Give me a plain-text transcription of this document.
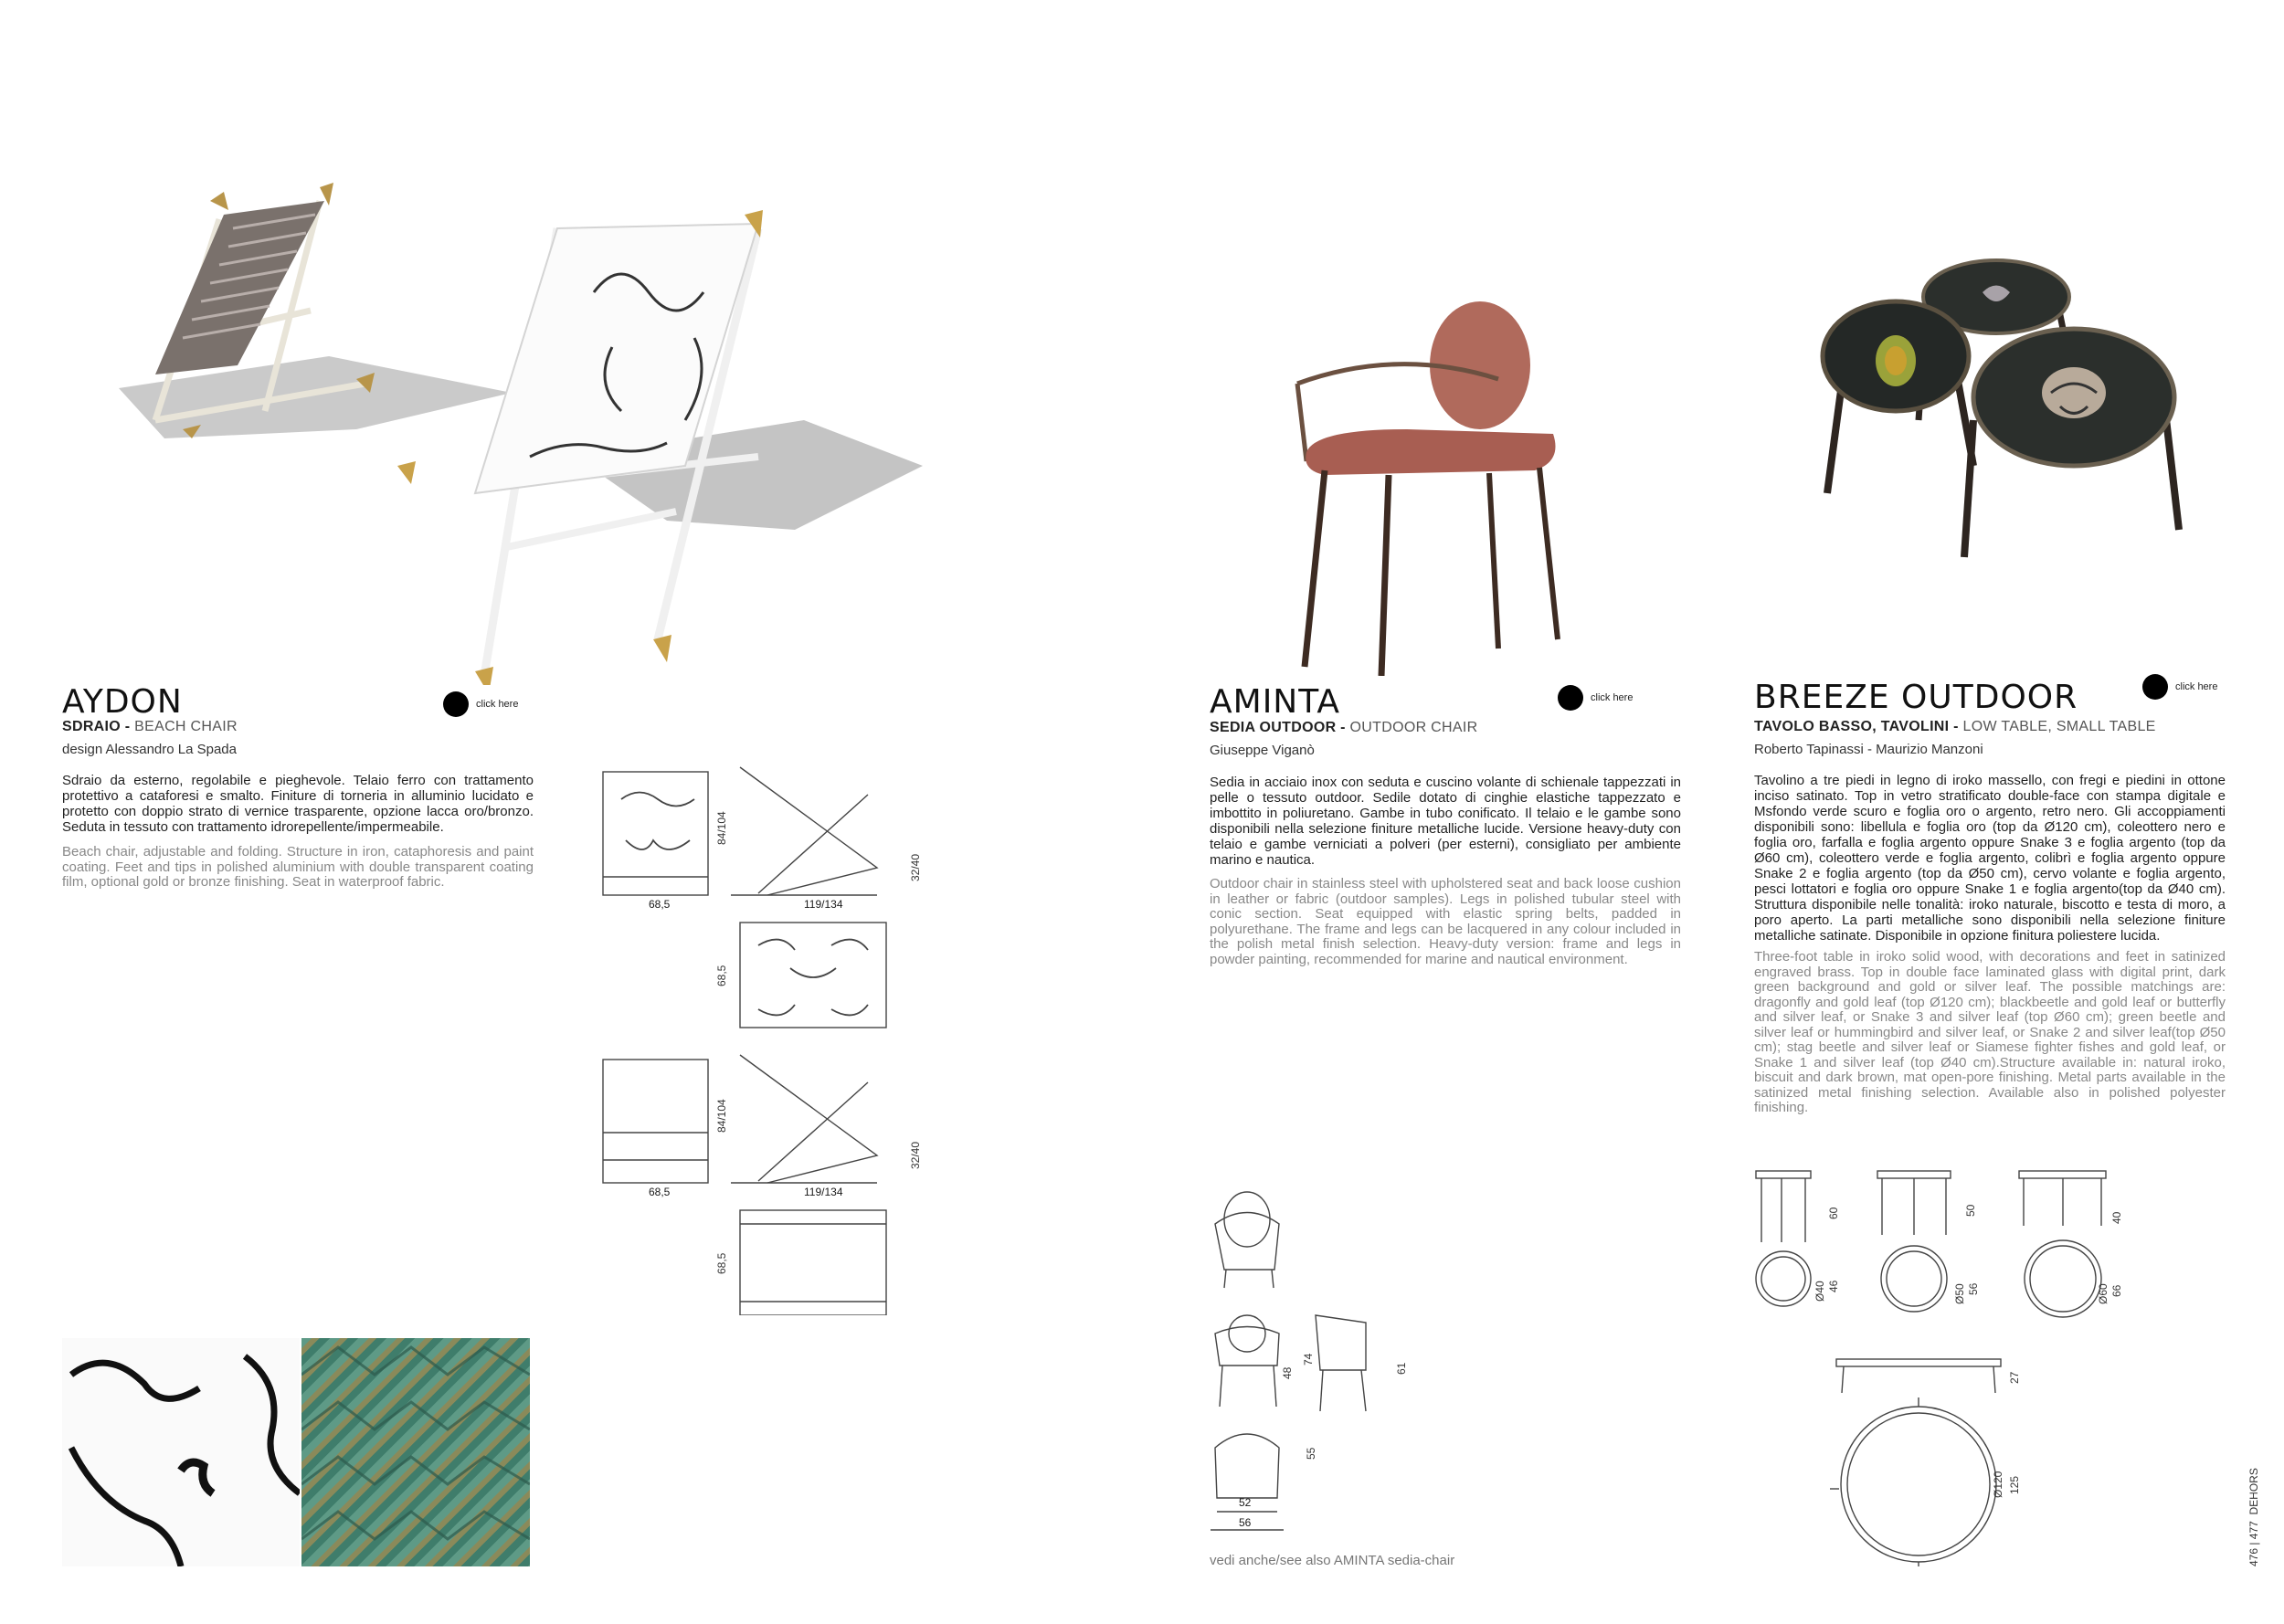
AYDON	click here
SDRAIO - BEACH CHAIR
design Alessandro La Spada

Sdraio da esterno, regolabile e pieghevole. Telaio ferro con trattamento protettivo a cataforesi e smalto. Finiture di torneria in alluminio lucidato e protetto con doppio strato di vernice trasparente, opzione lacca oro/bronzo. Seduta in tessuto con trattamento idrorepellente/impermeabile.

Beach chair, adjustable and folding. Structure in iron, cataphoresis and paint coating. Feet and tips in polished aluminium with double transparent coating film, optional gold or bronze finishing. Seat in waterproof fabric.

68,5
84/104
119/134
32/40
68,5
68,5
84/104
119/134
32/40
68,5
AMINTA	click here
SEDIA OUTDOOR - OUTDOOR CHAIR
Giuseppe Viganò

Sedia in acciaio inox con seduta e cuscino volante di schienale tappezzati in pelle o tessuto outdoor. Sedile dotato di cinghie elastiche tappezzato e imbottito in poliuretano. Gambe in tubo conificato. Il telaio e le gambe sono disponibili nella selezione finiture metalliche lucide. Versione heavy-duty con telaio e gambe verniciati a polveri (per esterni), consigliato per ambiente marino e nautica.

Outdoor chair in stainless steel with upholstered seat and back loose cushion in leather or fabric (outdoor samples). Legs in polished tubular steel with conic section. Seat equipped with elastic spring belts, padded in polyurethane. The frame and legs can be lacquered in any colour included in the polish metal finish selection. Heavy-duty version: frame and legs in powder painting, recommended for marine and nautical environment.

48
74
61
55
52
56
vedi anche/see also AMINTA sedia-chair
BREEZE OUTDOOR	click here
TAVOLO BASSO, TAVOLINI - LOW TABLE, SMALL TABLE
Roberto Tapinassi - Maurizio Manzoni

Tavolino a tre piedi in legno di iroko massello, con fregi e piedini in ottone inciso satinato. Top in vetro stratificato double-face con stampa digitale e Msfondo verde scuro e foglia oro o argento, retro nero. Gli accoppiamenti disponibili sono: libellula e foglia oro (top da Ø120 cm), coleottero nero e foglia oro, farfalla e foglia argento oppure Snake 3 e foglia argento (top da Ø60 cm), coleottero verde e foglia argento, colibrì e foglia argento oppure Snake 2 e foglia argento (top da Ø50 cm), cervo volante e foglia argento, pesci lottatori e foglia oro oppure Snake 1 e foglia argento(top da Ø40 cm). Struttura disponibile nelle tonalità: iroko naturale, biscotto e testa di moro, a poro aperto. La parti metalliche sono disponibili nella selezione finiture metalliche satinate. Disponibile in opzione finitura poliestere lucida.

Three-foot table in iroko solid wood, with decorations and feet in satinized engraved brass. Top in double face laminated glass with digital print, dark green background and gold or silver leaf. The possible matchings are: dragonfly and gold leaf (top Ø120 cm); blackbeetle and gold leaf or butterfly and silver leaf, or Snake 3 and silver leaf (top Ø60 cm); green beetle and silver leaf or hummingbird and silver leaf, or Snake 2 and silver leaf(top Ø50 cm); stag beetle and silver leaf or Siamese fighter fishes and gold leaf, or Snake 1 and silver leaf (top Ø40 cm).Structure available in: natural iroko, biscuit and dark brown, mat open-pore finishing. Metal parts available in the satinized metal finishing selection. Available also in polished polyester finishing.

60	50
40
Ø40 46	Ø50 56	Ø60 66
27
Ø120 125
476 | 477  DEHORS
